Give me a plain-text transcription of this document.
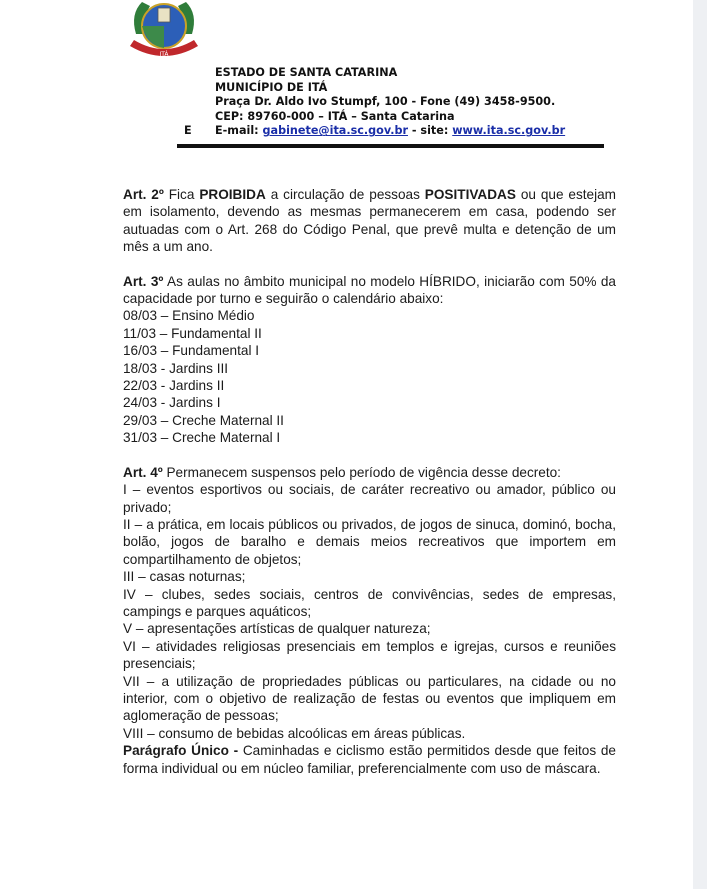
ITÁ
ESTADO DE SANTA CATARINA
MUNICÍPIO DE ITÁ
Praça Dr. Aldo Ivo Stumpf, 100 - Fone (49) 3458-9500.
CEP: 89760-000 – ITÁ – Santa Catarina
E-mail: gabinete@ita.sc.gov.br - site: www.ita.sc.gov.br
E

Art. 2º Fica PROIBIDA a circulação de pessoas POSITIVADAS ou que estejam em isolamento, devendo as mesmas permanecerem em casa, podendo ser autuadas com o Art. 268 do Código Penal, que prevê multa e detenção de um mês a um ano.

Art. 3º As aulas no âmbito municipal no modelo HÍBRIDO, iniciarão com 50% da capacidade por turno e seguirão o calendário abaixo:

08/03 – Ensino Médio

11/03 – Fundamental II

16/03 – Fundamental I

18/03 - Jardins III

22/03 - Jardins II

24/03 - Jardins I

29/03 – Creche Maternal II

31/03 – Creche Maternal I

Art. 4º Permanecem suspensos pelo período de vigência desse decreto:

I – eventos esportivos ou sociais, de caráter recreativo ou amador, público ou privado;

II – a prática, em locais públicos ou privados, de jogos de sinuca, dominó, bocha, bolão, jogos de baralho e demais meios recreativos que importem em compartilhamento de objetos;

III – casas noturnas;

IV – clubes, sedes sociais, centros de convivências, sedes de empresas, campings e parques aquáticos;

V – apresentações artísticas de qualquer natureza;

VI – atividades religiosas presenciais em templos e igrejas, cursos e reuniões presenciais;

VII – a utilização de propriedades públicas ou particulares, na cidade ou no interior, com o objetivo de realização de festas ou eventos que impliquem em aglomeração de pessoas;

VIII – consumo de bebidas alcoólicas em áreas públicas.

Parágrafo Único - Caminhadas e ciclismo estão permitidos desde que feitos de forma individual ou em núcleo familiar, preferencialmente com uso de máscara.
